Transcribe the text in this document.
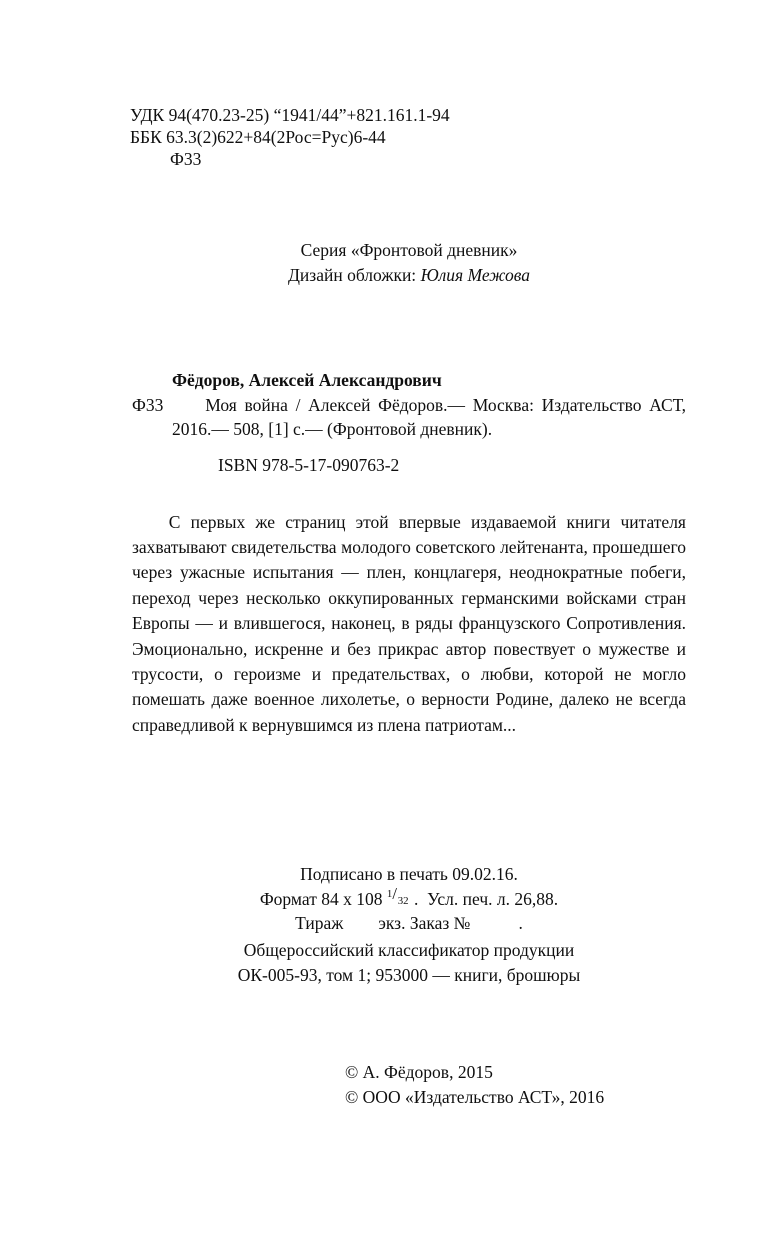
УДК 94(470.23-25) “1941/44”+821.161.1-94
ББК 63.3(2)622+84(2Рос=Рус)6-44
Ф33
Серия «Фронтовой дневник»
Дизайн обложки: Юлия Межова
Фёдоров, Алексей Александрович
Ф33 Моя война / Алексей Фёдоров.— Москва: Издательство АСТ, 2016.— 508, [1] с.— (Фронтовой дневник).
ISBN 978-5-17-090763-2

С первых же страниц этой впервые издаваемой книги читателя захватывают свидетельства молодого советского лейтенанта, прошедшего через ужасные испытания — плен, концлагеря, неоднократные побеги, переход через несколько оккупированных германскими войсками стран Европы — и влившегося, наконец, в ряды французского Сопротивления. Эмоционально, искренне и без прикрас автор повествует о мужестве и трусости, о героизме и предательствах, о любви, которой не могло помешать даже военное лихолетье, о верности Родине, далеко не всегда справедливой к вернувшимся из плена патриотам...

Подписано в печать 09.02.16.
Формат 84 х 108 1 / 32 .  Усл. печ. л. 26,88.
Тираж        экз. Заказ №           .
Общероссийский классификатор продукции
ОК-005-93, том 1; 953000 — книги, брошюры
© А. Фёдоров, 2015
© ООО «Издательство АСТ», 2016
